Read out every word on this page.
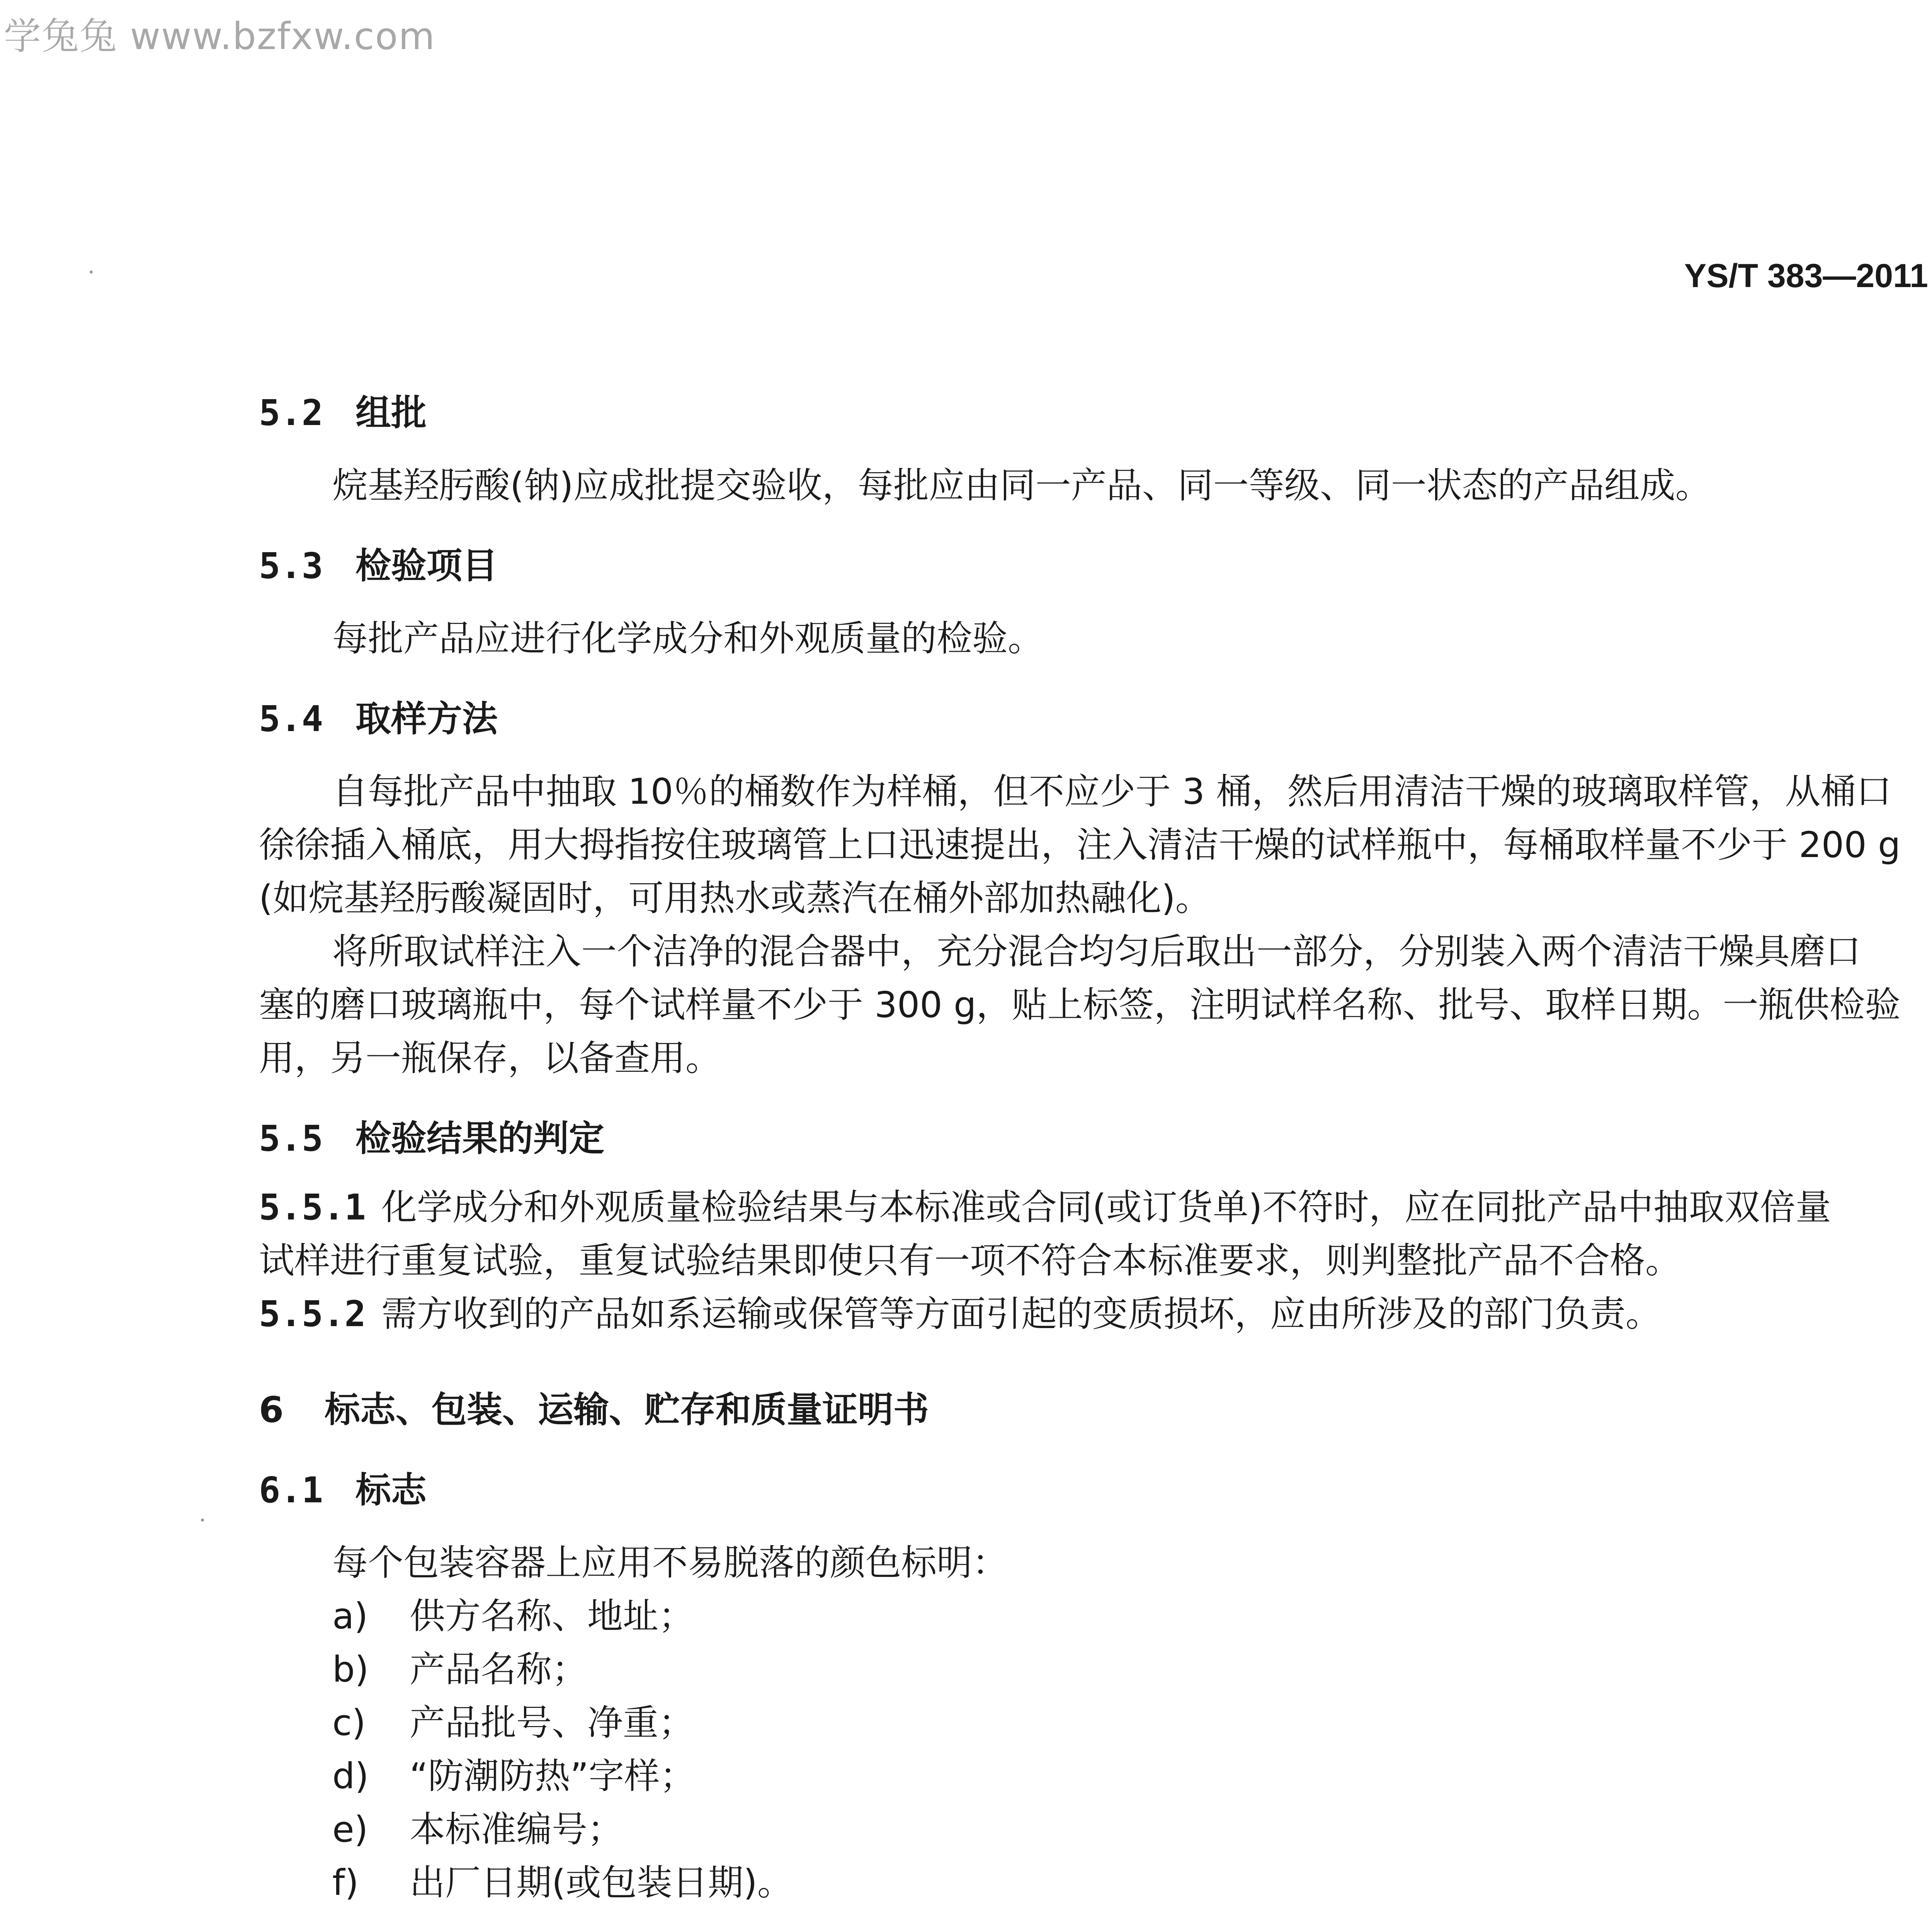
学兔兔 www.bzfxw.com
YS/T 383—2011
5.2 组批
烷基羟肟酸(钠)应成批提交验收，每批应由同一产品、同一等级、同一状态的产品组成。
5.3 检验项目
每批产品应进行化学成分和外观质量的检验。
5.4 取样方法
自每批产品中抽取 10％的桶数作为样桶，但不应少于 3 桶，然后用清洁干燥的玻璃取样管，从桶口
徐徐插入桶底，用大拇指按住玻璃管上口迅速提出，注入清洁干燥的试样瓶中，每桶取样量不少于 200 g
(如烷基羟肟酸凝固时，可用热水或蒸汽在桶外部加热融化)。
将所取试样注入一个洁净的混合器中，充分混合均匀后取出一部分，分别装入两个清洁干燥具磨口
塞的磨口玻璃瓶中，每个试样量不少于 300 g，贴上标签，注明试样名称、批号、取样日期。一瓶供检验
用，另一瓶保存，以备查用。
5.5 检验结果的判定
5.5.1 化学成分和外观质量检验结果与本标准或合同(或订货单)不符时，应在同批产品中抽取双倍量
试样进行重复试验，重复试验结果即使只有一项不符合本标准要求，则判整批产品不合格。
5.5.2 需方收到的产品如系运输或保管等方面引起的变质损坏，应由所涉及的部门负责。
6 标志、包装、运输、贮存和质量证明书
6.1 标志
每个包装容器上应用不易脱落的颜色标明：
a) 供方名称、地址；
b) 产品名称；
c) 产品批号、净重；
d) “防潮防热”字样；
e) 本标准编号；
f) 出厂日期(或包装日期)。
